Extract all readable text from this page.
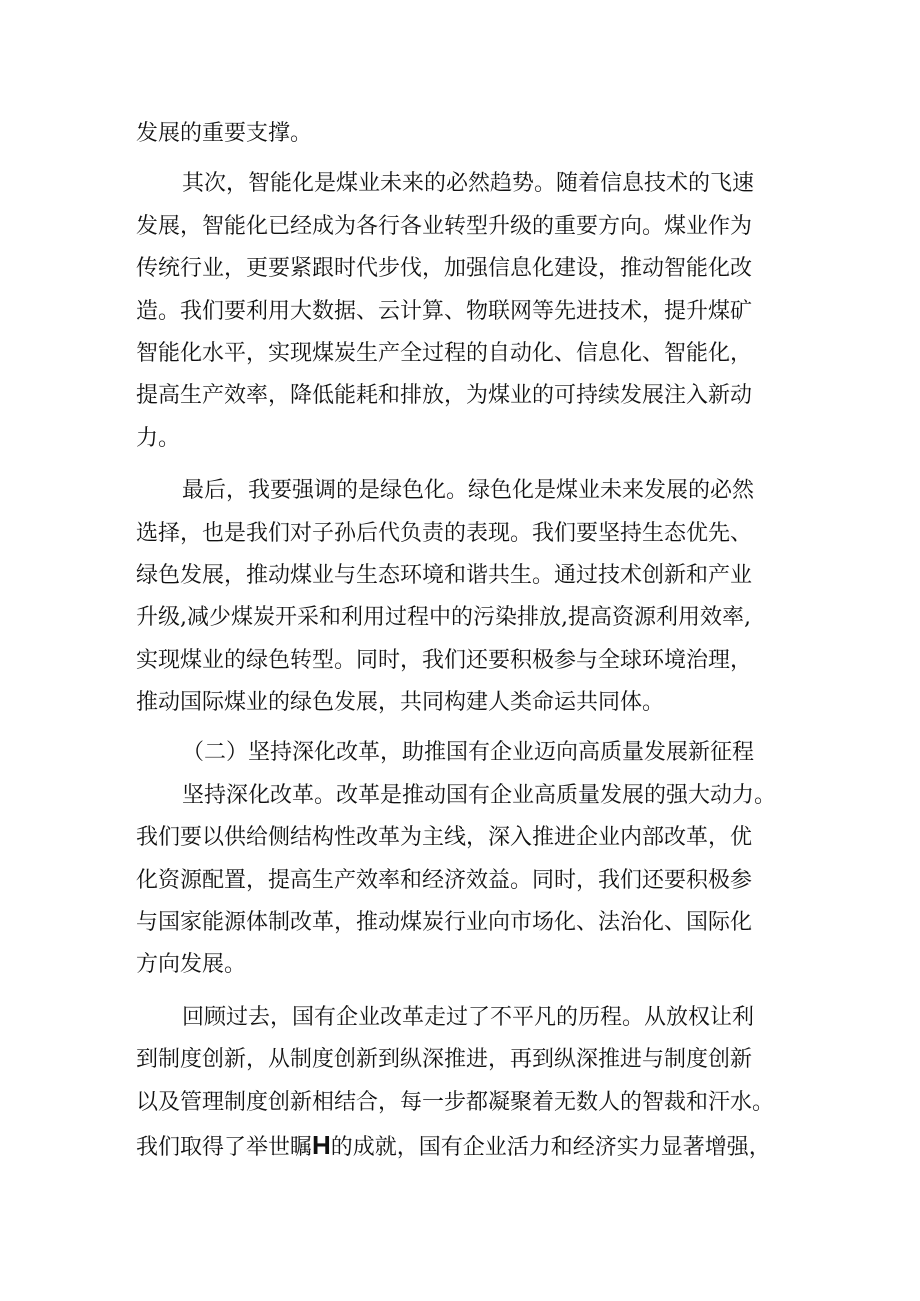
发展的重要支撑。
其次，智能化是煤业未来的必然趋势。随着信息技术的飞速
发展，智能化已经成为各行各业转型升级的重要方向。煤业作为
传统行业，更要紧跟时代步伐，加强信息化建设，推动智能化改
造。我们要利用大数据、云计算、物联网等先进技术，提升煤矿
智能化水平，实现煤炭生产全过程的自动化、信息化、智能化，
提高生产效率，降低能耗和排放，为煤业的可持续发展注入新动
力。
最后，我要强调的是绿色化。绿色化是煤业未来发展的必然
选择，也是我们对子孙后代负责的表现。我们要坚持生态优先、
绿色发展，推动煤业与生态环境和谐共生。通过技术创新和产业
升级,减少煤炭开采和利用过程中的污染排放,提高资源利用效率,
实现煤业的绿色转型。同时，我们还要积极参与全球环境治理，
推动国际煤业的绿色发展，共同构建人类命运共同体。
（二）坚持深化改革，助推国有企业迈向高质量发展新征程
坚持深化改革。改革是推动国有企业高质量发展的强大动力。
我们要以供给侧结构性改革为主线，深入推进企业内部改革，优
化资源配置，提高生产效率和经济效益。同时，我们还要积极参
与国家能源体制改革，推动煤炭行业向市场化、法治化、国际化
方向发展。
回顾过去，国有企业改革走过了不平凡的历程。从放权让利
到制度创新，从制度创新到纵深推进，再到纵深推进与制度创新
以及管理制度创新相结合，每一步都凝聚着无数人的智裁和汗水。
我们取得了举世瞩H的成就，国有企业活力和经济实力显著增强，
